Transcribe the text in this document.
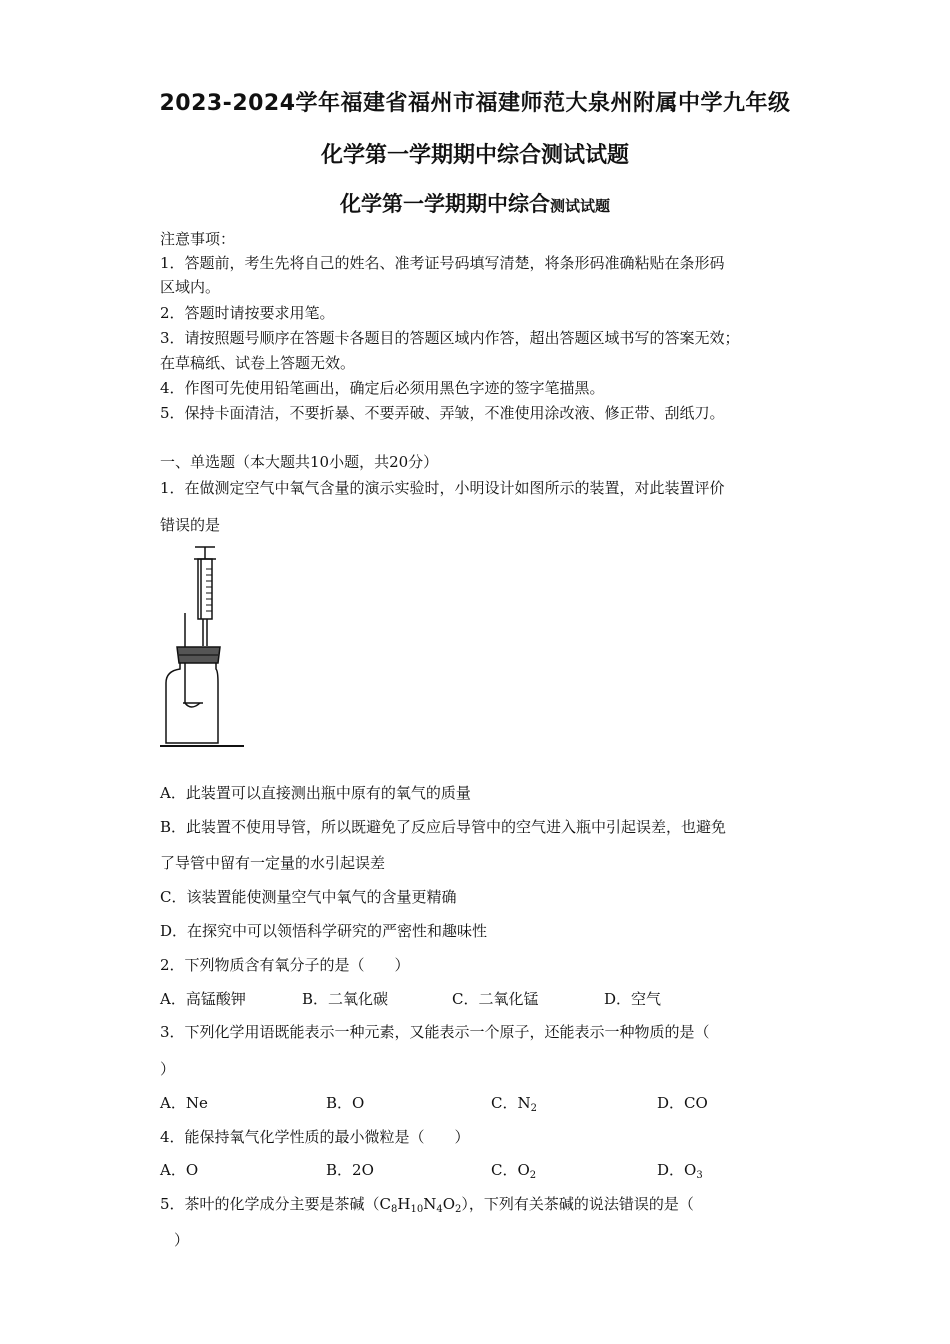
2023-2024学年福建省福州市福建师范大泉州附属中学九年级
化学第一学期期中综合测试试题
化学第一学期期中综合测试试题
注意事项：
1．答题前，考生先将自己的姓名、准考证号码填写清楚，将条形码准确粘贴在条形码
区域内。
2．答题时请按要求用笔。
3．请按照题号顺序在答题卡各题目的答题区域内作答，超出答题区域书写的答案无效；
在草稿纸、试卷上答题无效。
4．作图可先使用铅笔画出，确定后必须用黑色字迹的签字笔描黑。
5．保持卡面清洁，不要折暴、不要弄破、弄皱，不准使用涂改液、修正带、刮纸刀。
一、单选题（本大题共10小题，共20分）
1．在做测定空气中氧气含量的演示实验时，小明设计如图所示的装置，对此装置评价
错误的是
A．此装置可以直接测出瓶中原有的氧气的质量
B．此装置不使用导管，所以既避免了反应后导管中的空气进入瓶中引起误差，也避免
了导管中留有一定量的水引起误差
C．该装置能使测量空气中氧气的含量更精确
D．在探究中可以领悟科学研究的严密性和趣味性
2．下列物质含有氧分子的是（　　）
A．高锰酸钾	B．二氧化碳	C．二氧化锰	D．空气
3．下列化学用语既能表示一种元素，又能表示一个原子，还能表示一种物质的是（
）
A．Ne	B．O	C．$N_2$	D．CO
4．能保持氧气化学性质的最小微粒是（　　）
A．O	B．2O	C．$O_2$	D．$O_3$
5．茶叶的化学成分主要是茶碱$(C_8H_{10}N_4O_2)$，下列有关茶碱的说法错误的是（
）
